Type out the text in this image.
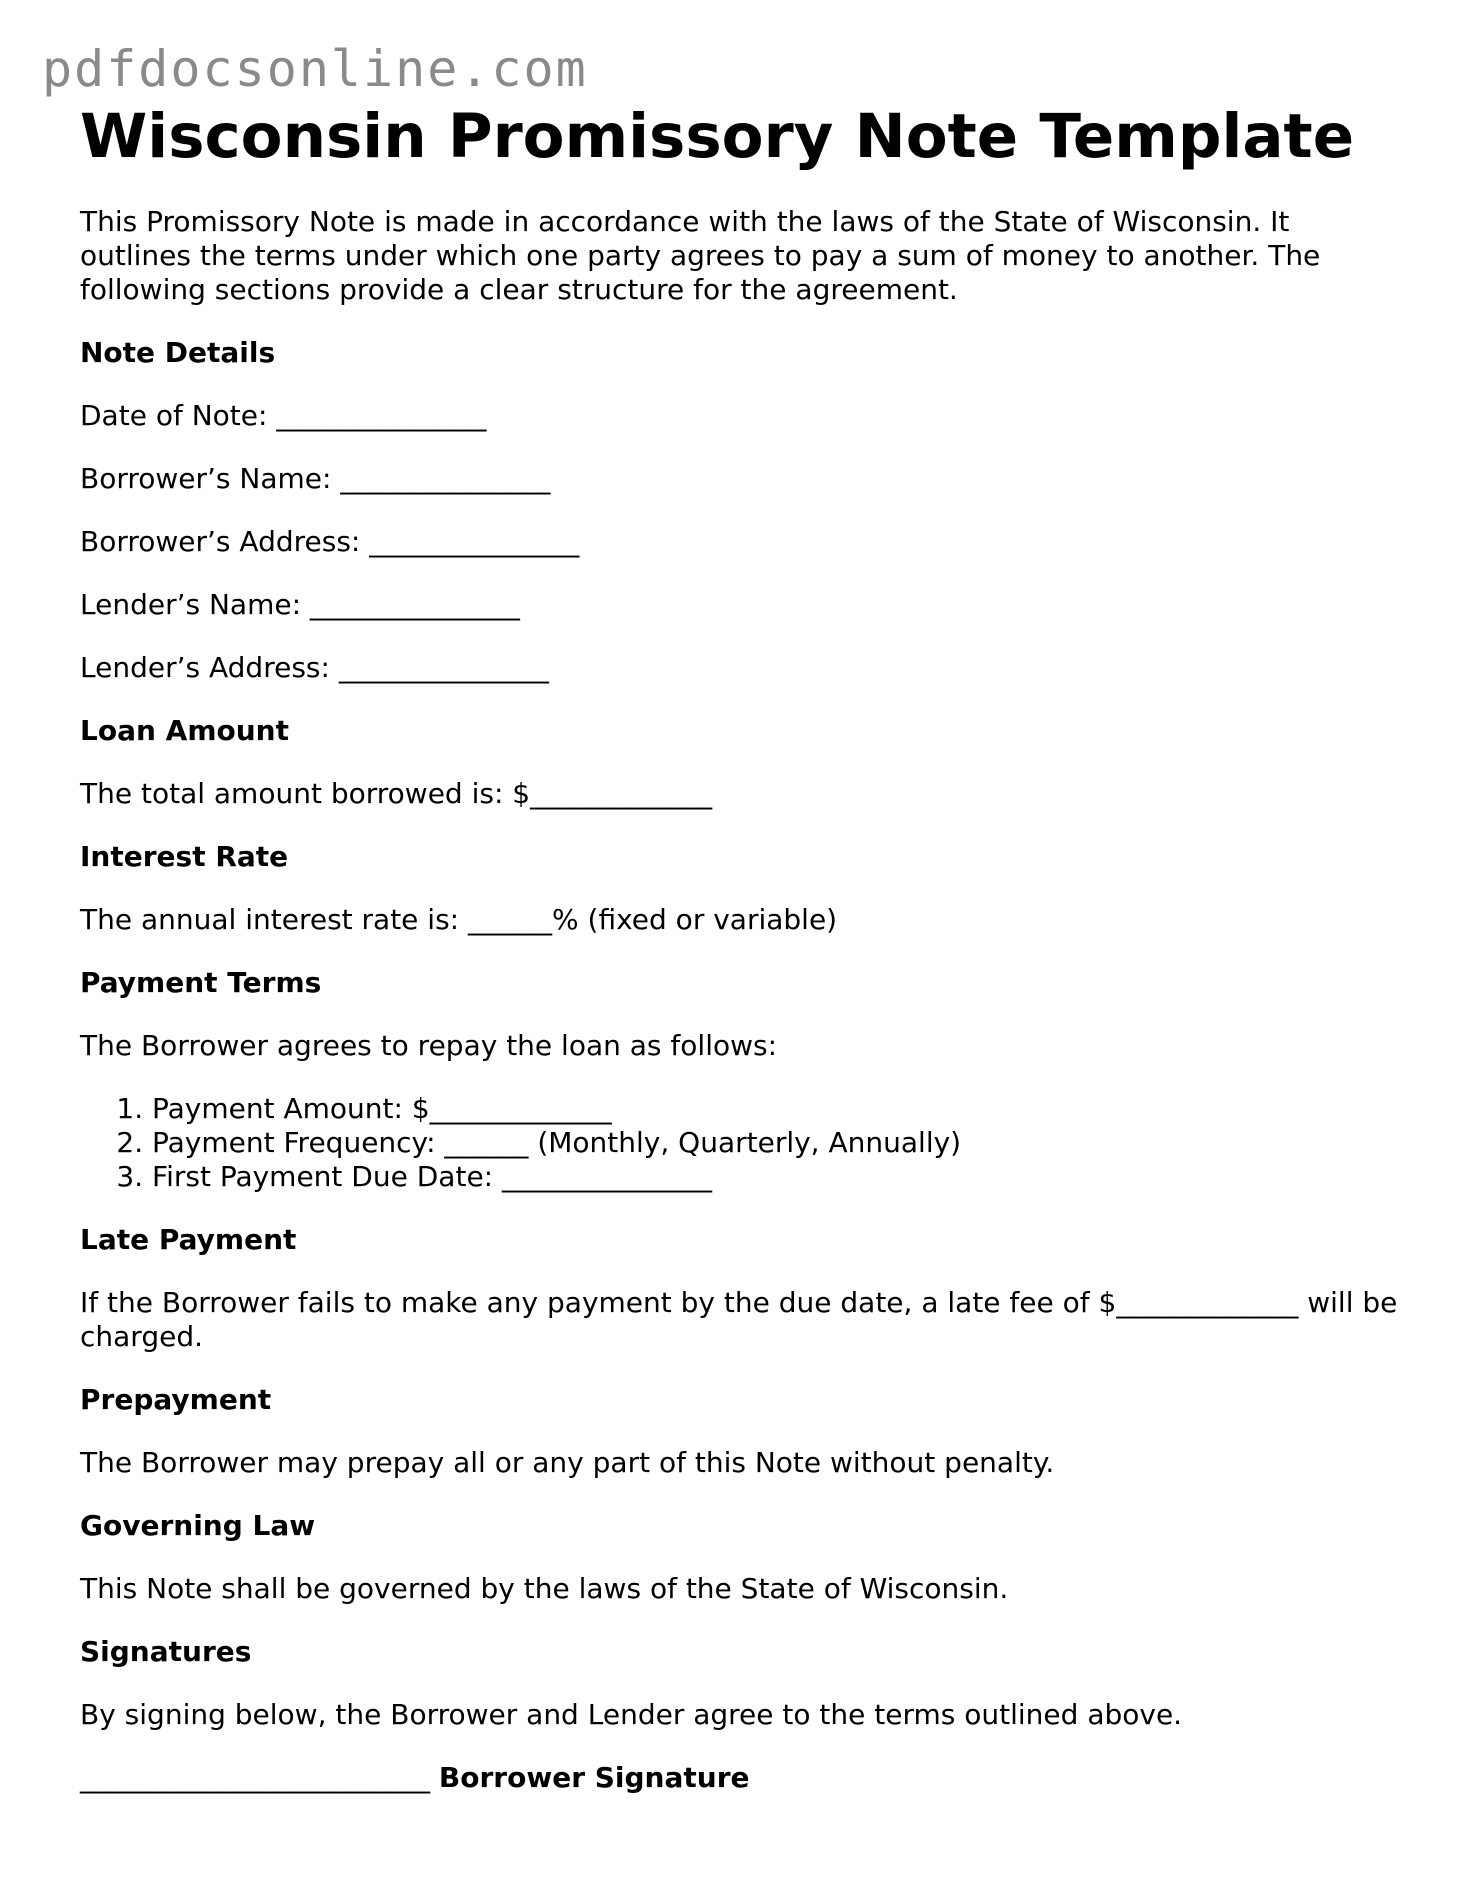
pdfdocsonline.com
Wisconsin Promissory Note Template

This Promissory Note is made in accordance with the laws of the State of Wisconsin. It outlines the terms under which one party agrees to pay a sum of money to another. The following sections provide a clear structure for the agreement.

Note Details

Date of Note: _______________

Borrower’s Name: _______________

Borrower’s Address: _______________

Lender’s Name: _______________

Lender’s Address: _______________

Loan Amount

The total amount borrowed is: $_____________

Interest Rate

The annual interest rate is: ______% (fixed or variable)

Payment Terms

The Borrower agrees to repay the loan as follows:

1. Payment Amount: $_____________
2. Payment Frequency: ______ (Monthly, Quarterly, Annually)
3. First Payment Due Date: _______________
Late Payment

If the Borrower fails to make any payment by the due date, a late fee of $_____________ will be charged.

Prepayment

The Borrower may prepay all or any part of this Note without penalty.

Governing Law

This Note shall be governed by the laws of the State of Wisconsin.

Signatures

By signing below, the Borrower and Lender agree to the terms outlined above.

_________________________ Borrower Signature
